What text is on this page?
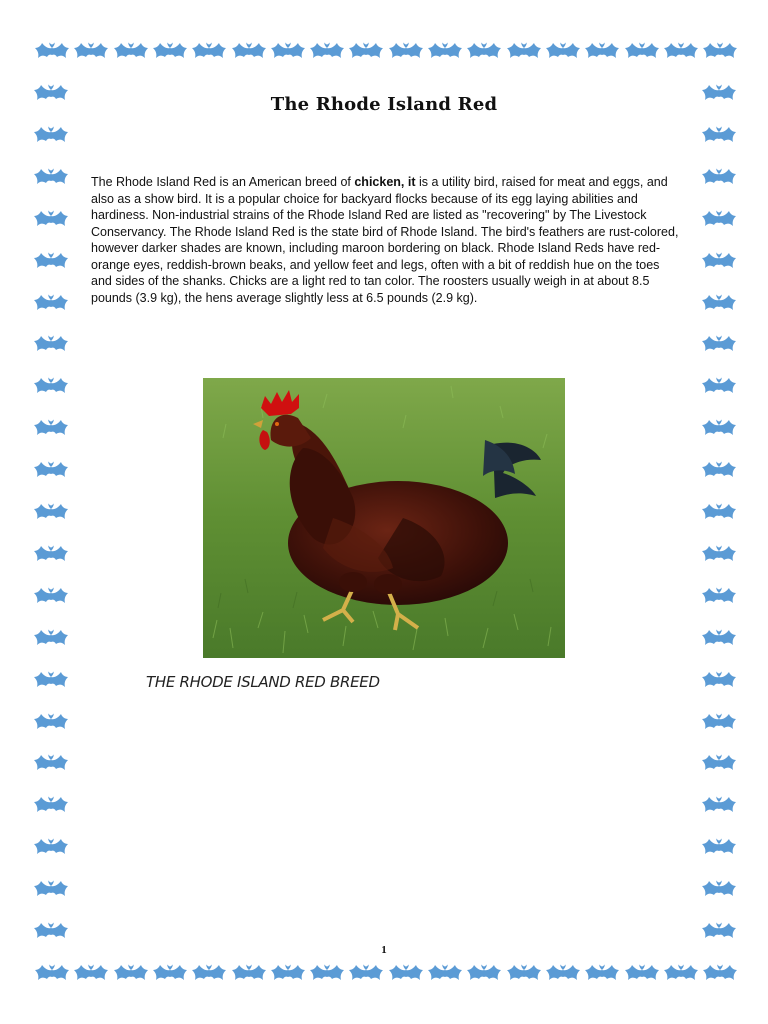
The Rhode Island Red
The Rhode Island Red is an American breed of chicken, it is a utility bird, raised for meat and eggs, and also as a show bird. It is a popular choice for backyard flocks because of its egg laying abilities and hardiness. Non-industrial strains of the Rhode Island Red are listed as "recovering" by The Livestock Conservancy. The Rhode Island Red is the state bird of Rhode Island. The bird's feathers are rust-colored, however darker shades are known, including maroon bordering on black. Rhode Island Reds have red-orange eyes, reddish-brown beaks, and yellow feet and legs, often with a bit of reddish hue on the toes and sides of the shanks. Chicks are a light red to tan color. The roosters usually weigh in at about 8.5 pounds (3.9 kg), the hens average slightly less at 6.5 pounds (2.9 kg).
THE RHODE ISLAND RED BREED
1
